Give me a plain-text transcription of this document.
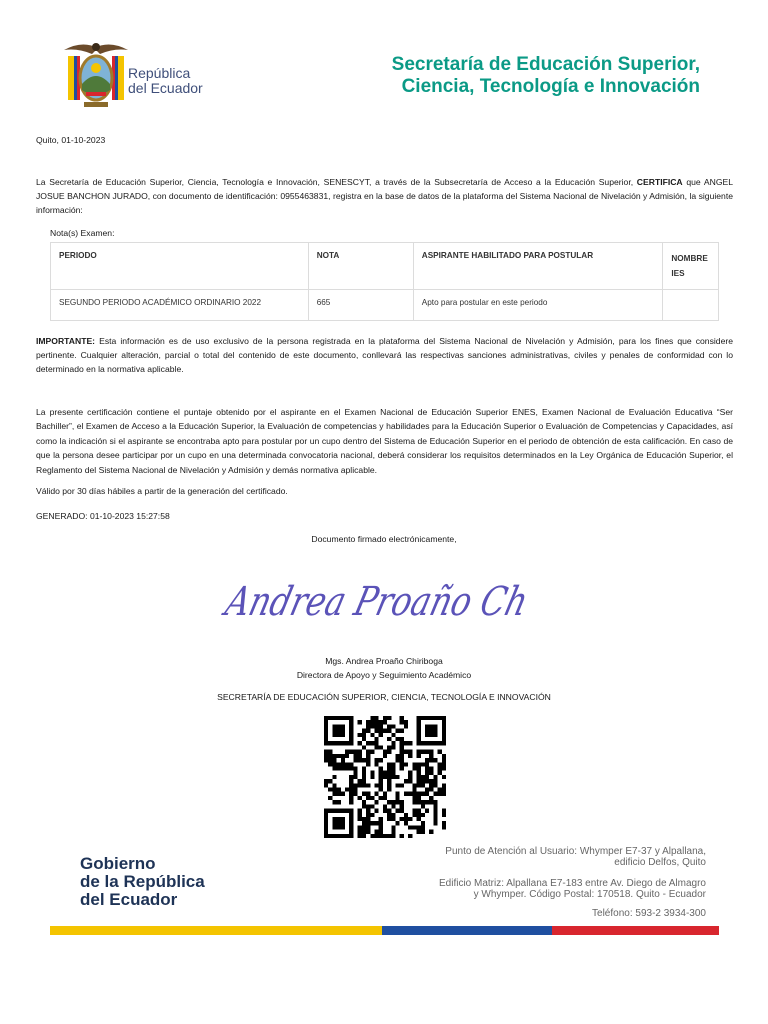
República
del Ecuador
Secretaría de Educación Superior,
Ciencia, Tecnología e Innovación
Quito, 01-10-2023
La Secretaría de Educación Superior, Ciencia, Tecnología e Innovación, SENESCYT, a través de la Subsecretaría de Acceso a la Educación Superior, CERTIFICA que ANGEL JOSUE BANCHON JURADO, con documento de identificación: 0955463831, registra en la base de datos de la plataforma del Sistema Nacional de Nivelación y Admisión, la siguiente información:
Nota(s) Examen:
PERIODO	NOTA	ASPIRANTE HABILITADO PARA POSTULAR	NOMBRE IES
SEGUNDO PERIODO ACADÉMICO ORDINARIO 2022	665	Apto para postular en este periodo	
IMPORTANTE: Esta información es de uso exclusivo de la persona registrada en la plataforma del Sistema Nacional de Nivelación y Admisión, para los fines que considere pertinente. Cualquier alteración, parcial o total del contenido de este documento, conllevará las respectivas sanciones administrativas, civiles y penales de conformidad con lo determinado en la normativa aplicable.
La presente certificación contiene el puntaje obtenido por el aspirante en el Examen Nacional de Educación Superior ENES, Examen Nacional de Evaluación Educativa “Ser Bachiller”, el Examen de Acceso a la Educación Superior, la Evaluación de competencias y habilidades para la Educación Superior o Evaluación de Competencias y Capacidades, así como la indicación si el aspirante se encontraba apto para postular por un cupo dentro del Sistema de Educación Superior en el periodo de obtención de esta calificación. En caso de que la persona desee participar por un cupo en una determinada convocatoria nacional, deberá considerar los requisitos determinados en la Ley Orgánica de Educación Superior, el Reglamento del Sistema Nacional de Nivelación y Admisión y demás normativa aplicable.
Válido por 30 días hábiles a partir de la generación del certificado.
GENERADO: 01-10-2023 15:27:58
Documento firmado electrónicamente,
Andrea Proaño Ch
Mgs. Andrea Proaño Chiriboga
Directora de Apoyo y Seguimiento Académico
SECRETARÍA DE EDUCACIÓN SUPERIOR, CIENCIA, TECNOLOGÍA E INNOVACIÓN
Gobierno
de la República
del Ecuador
Punto de Atención al Usuario: Whymper E7-37 y Alpallana,
edificio Delfos, Quito
Edificio Matriz: Alpallana E7-183 entre Av. Diego de Almagro
y Whymper. Código Postal: 170518. Quito - Ecuador
Teléfono: 593-2 3934-300
